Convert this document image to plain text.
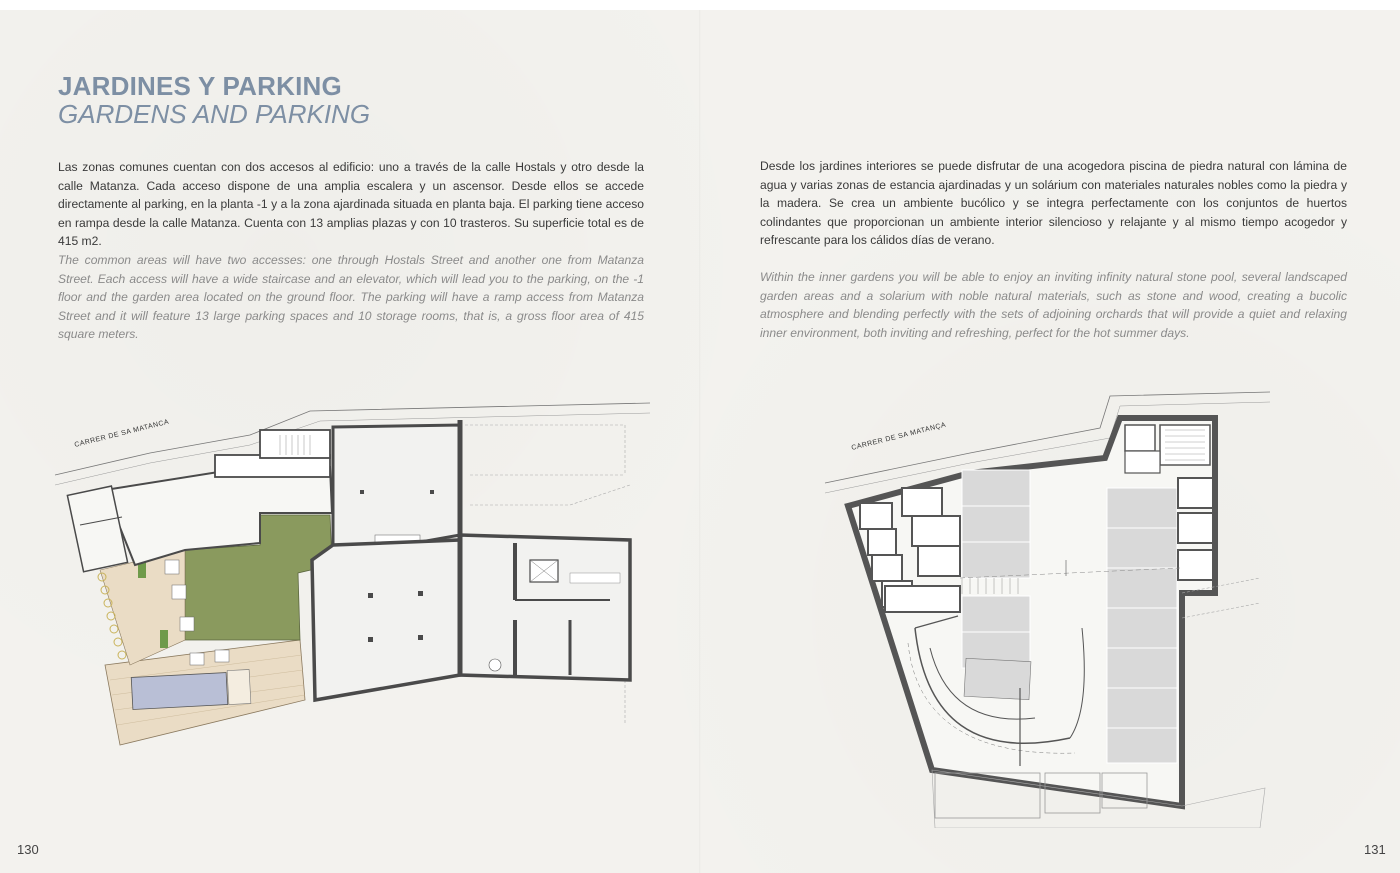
JARDINES Y PARKING
GARDENS AND PARKING

Las zonas comunes cuentan con dos accesos al edificio: uno a través de la calle Hostals y otro desde la calle Matanza. Cada acceso dispone de una amplia escalera y un ascensor. Desde ellos se accede directamente al parking, en la planta -1 y a la zona ajardinada situada en planta baja. El parking tiene acceso en rampa desde la calle Matanza. Cuenta con 13 amplias plazas y con 10 trasteros. Su superficie total es de 415 m2.

The common areas will have two accesses: one through Hostals Street and another one from Matanza Street. Each access will have a wide staircase and an elevator, which will lead you to the parking, on the -1 floor and the garden area located on the ground floor. The parking will have a ramp access from Matanza Street and it will feature 13 large parking spaces and 10 storage rooms, that is, a gross floor area of 415 square meters.

Desde los jardines interiores se puede disfrutar de una acogedora piscina de piedra natural con lámina de agua y varias zonas de estancia ajardinadas y un solárium con materiales naturales nobles como la piedra y la madera. Se crea un ambiente bucólico y se integra perfectamente con los conjuntos de huertos colindantes que proporcionan un ambiente interior silencioso y relajante y al mismo tiempo acogedor y refrescante para los cálidos días de verano.

Within the inner gardens you will be able to enjoy an inviting infinity natural stone pool, several landscaped garden areas and a solarium with noble natural materials, such as stone and wood, creating a bucolic atmosphere and blending perfectly with the sets of adjoining orchards that will provide a quiet and relaxing inner environment, both inviting and refreshing, perfect for the hot summer days.

CARRER DE SA MATANCA	CARRER DE SA MATANÇA
130	131
